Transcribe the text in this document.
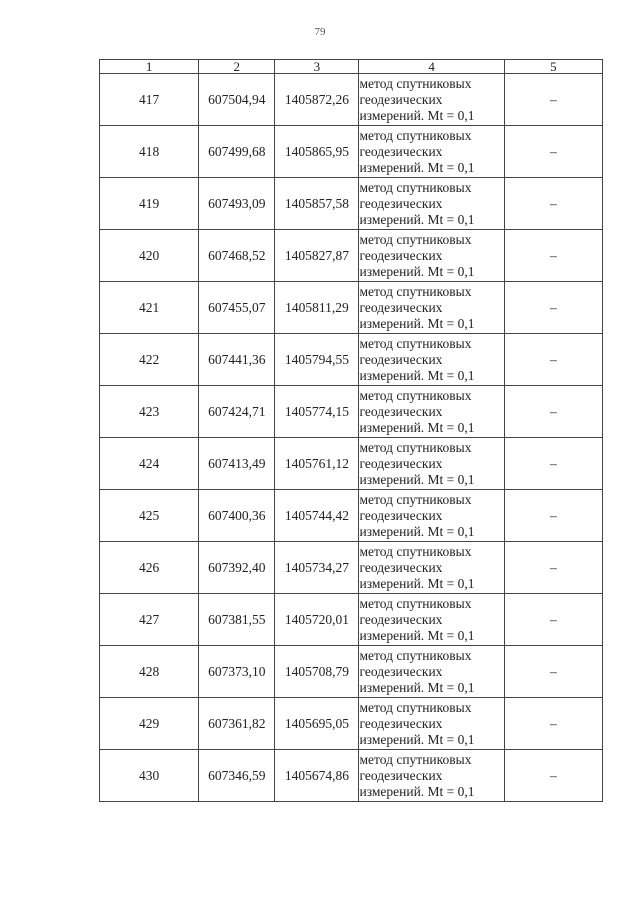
79
1	2	3	4	5
417	607504,94	1405872,26	метод спутниковых
геодезических
измерений. Mt = 0,1	–
418	607499,68	1405865,95	метод спутниковых
геодезических
измерений. Mt = 0,1	–
419	607493,09	1405857,58	метод спутниковых
геодезических
измерений. Mt = 0,1	–
420	607468,52	1405827,87	метод спутниковых
геодезических
измерений. Mt = 0,1	–
421	607455,07	1405811,29	метод спутниковых
геодезических
измерений. Mt = 0,1	–
422	607441,36	1405794,55	метод спутниковых
геодезических
измерений. Mt = 0,1	–
423	607424,71	1405774,15	метод спутниковых
геодезических
измерений. Mt = 0,1	–
424	607413,49	1405761,12	метод спутниковых
геодезических
измерений. Mt = 0,1	–
425	607400,36	1405744,42	метод спутниковых
геодезических
измерений. Mt = 0,1	–
426	607392,40	1405734,27	метод спутниковых
геодезических
измерений. Mt = 0,1	–
427	607381,55	1405720,01	метод спутниковых
геодезических
измерений. Mt = 0,1	–
428	607373,10	1405708,79	метод спутниковых
геодезических
измерений. Mt = 0,1	–
429	607361,82	1405695,05	метод спутниковых
геодезических
измерений. Mt = 0,1	–
430	607346,59	1405674,86	метод спутниковых
геодезических
измерений. Mt = 0,1	–
